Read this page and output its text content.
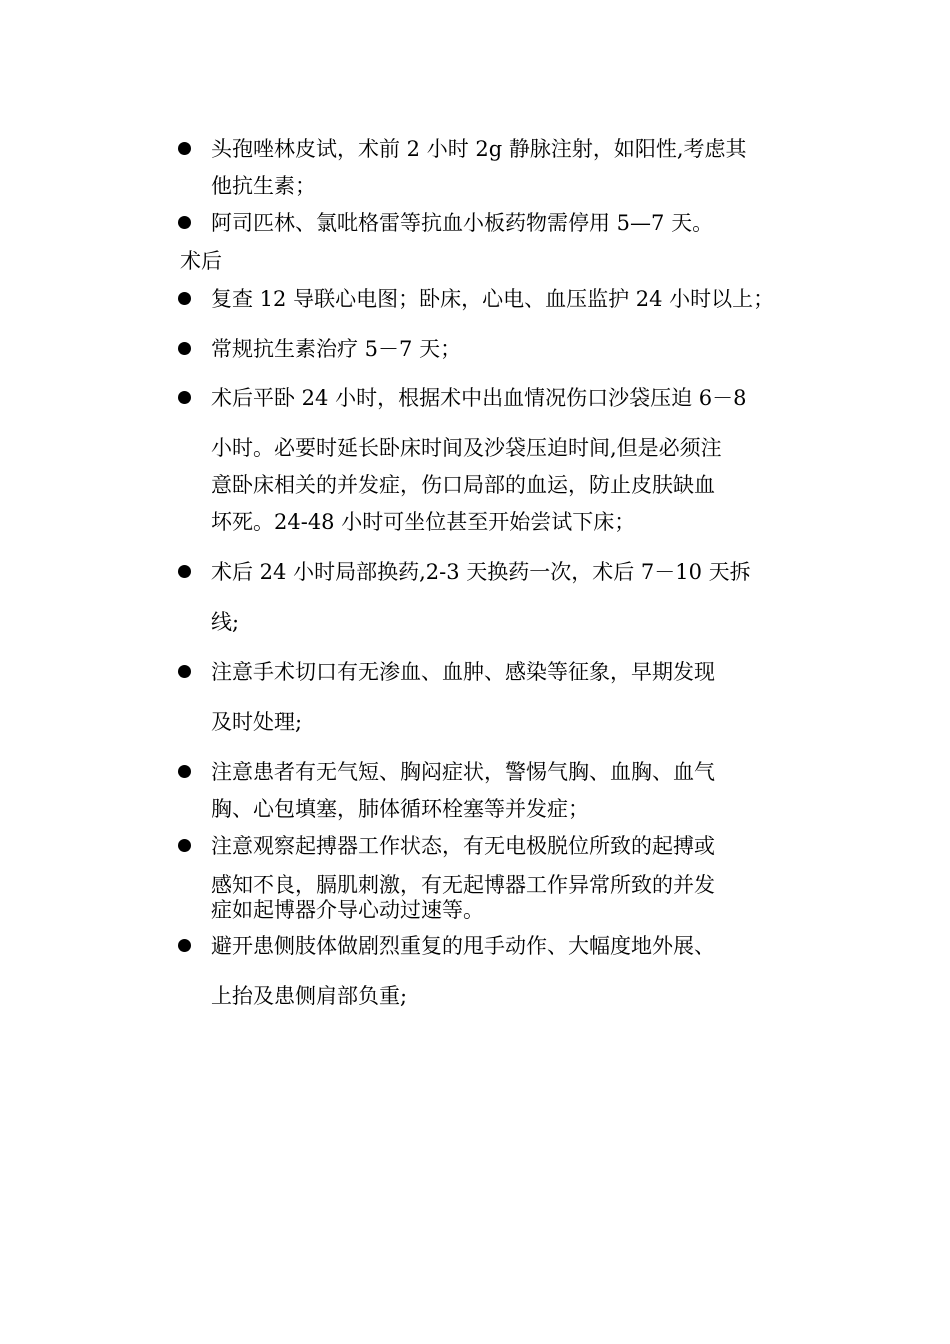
头孢唑林皮试，术前 2 小时 2g 静脉注射，如阳性,考虑其
他抗生素；
阿司匹林、氯吡格雷等抗血小板药物需停用 5—7 天。
术后
复查 12 导联心电图；卧床，心电、血压监护 24 小时以上；
常规抗生素治疗 5－7 天；
术后平卧 24 小时，根据术中出血情况伤口沙袋压迫 6－8
小时。必要时延长卧床时间及沙袋压迫时间,但是必须注
意卧床相关的并发症，伤口局部的血运，防止皮肤缺血
坏死。24-48 小时可坐位甚至开始尝试下床；
术后 24 小时局部换药,2-3 天换药一次，术后 7－10 天拆
线;
注意手术切口有无渗血、血肿、感染等征象，早期发现
及时处理;
注意患者有无气短、胸闷症状，警惕气胸、血胸、血气
胸、心包填塞，肺体循环栓塞等并发症；
注意观察起搏器工作状态，有无电极脱位所致的起搏或
感知不良，膈肌刺激，有无起博器工作异常所致的并发
症如起博器介导心动过速等。
避开患侧肢体做剧烈重复的甩手动作、大幅度地外展、
上抬及患侧肩部负重;
